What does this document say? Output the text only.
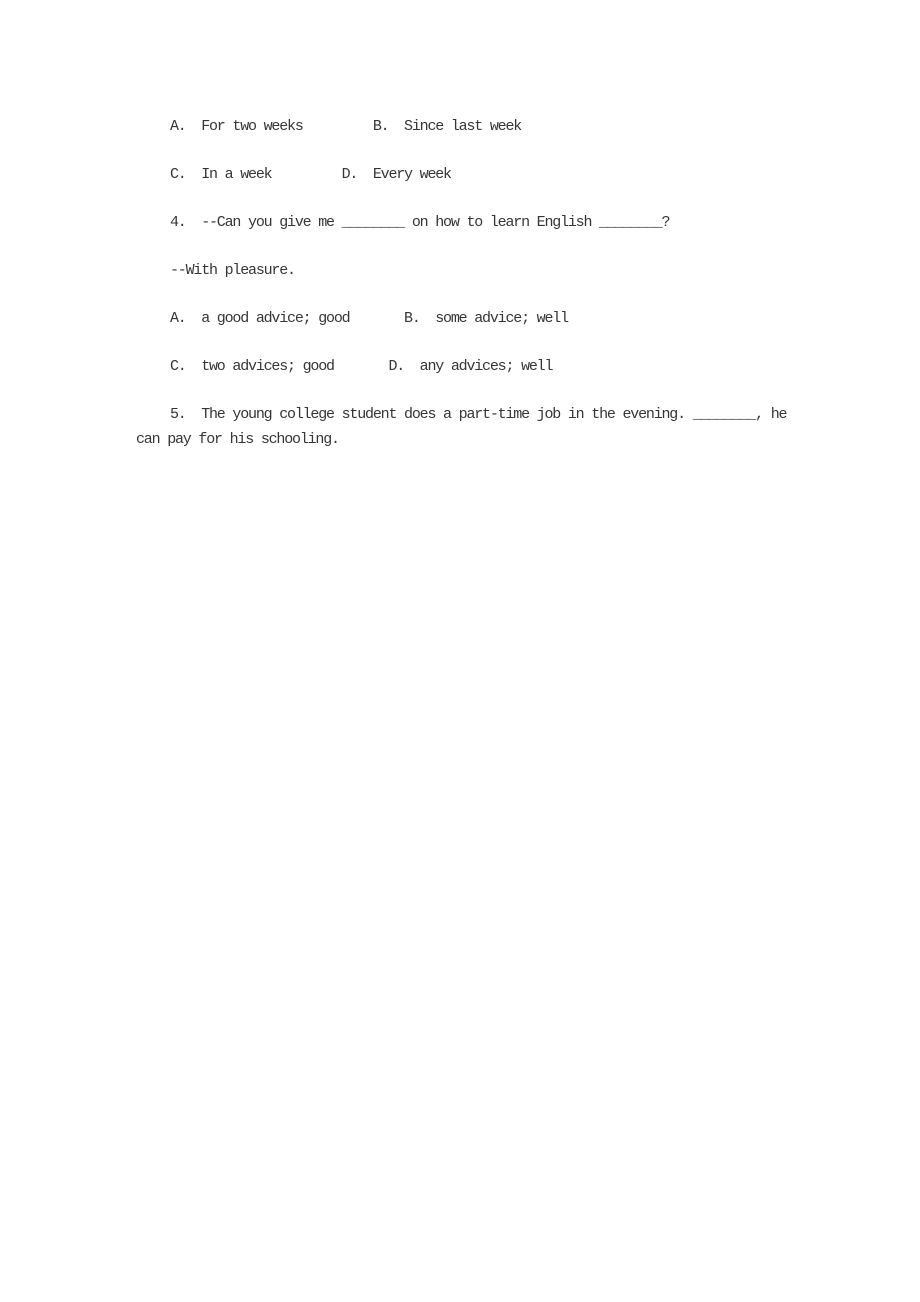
A.  For two weeks         B.  Since last week
C.  In a week         D.  Every week
4.  --Can you give me ________ on how to learn English ________?
--With pleasure.
A.  a good advice; good       B.  some advice; well
C.  two advices; good       D.  any advices; well
5.  The young college student does a part-time job in the evening. ________, he
can pay for his schooling.
